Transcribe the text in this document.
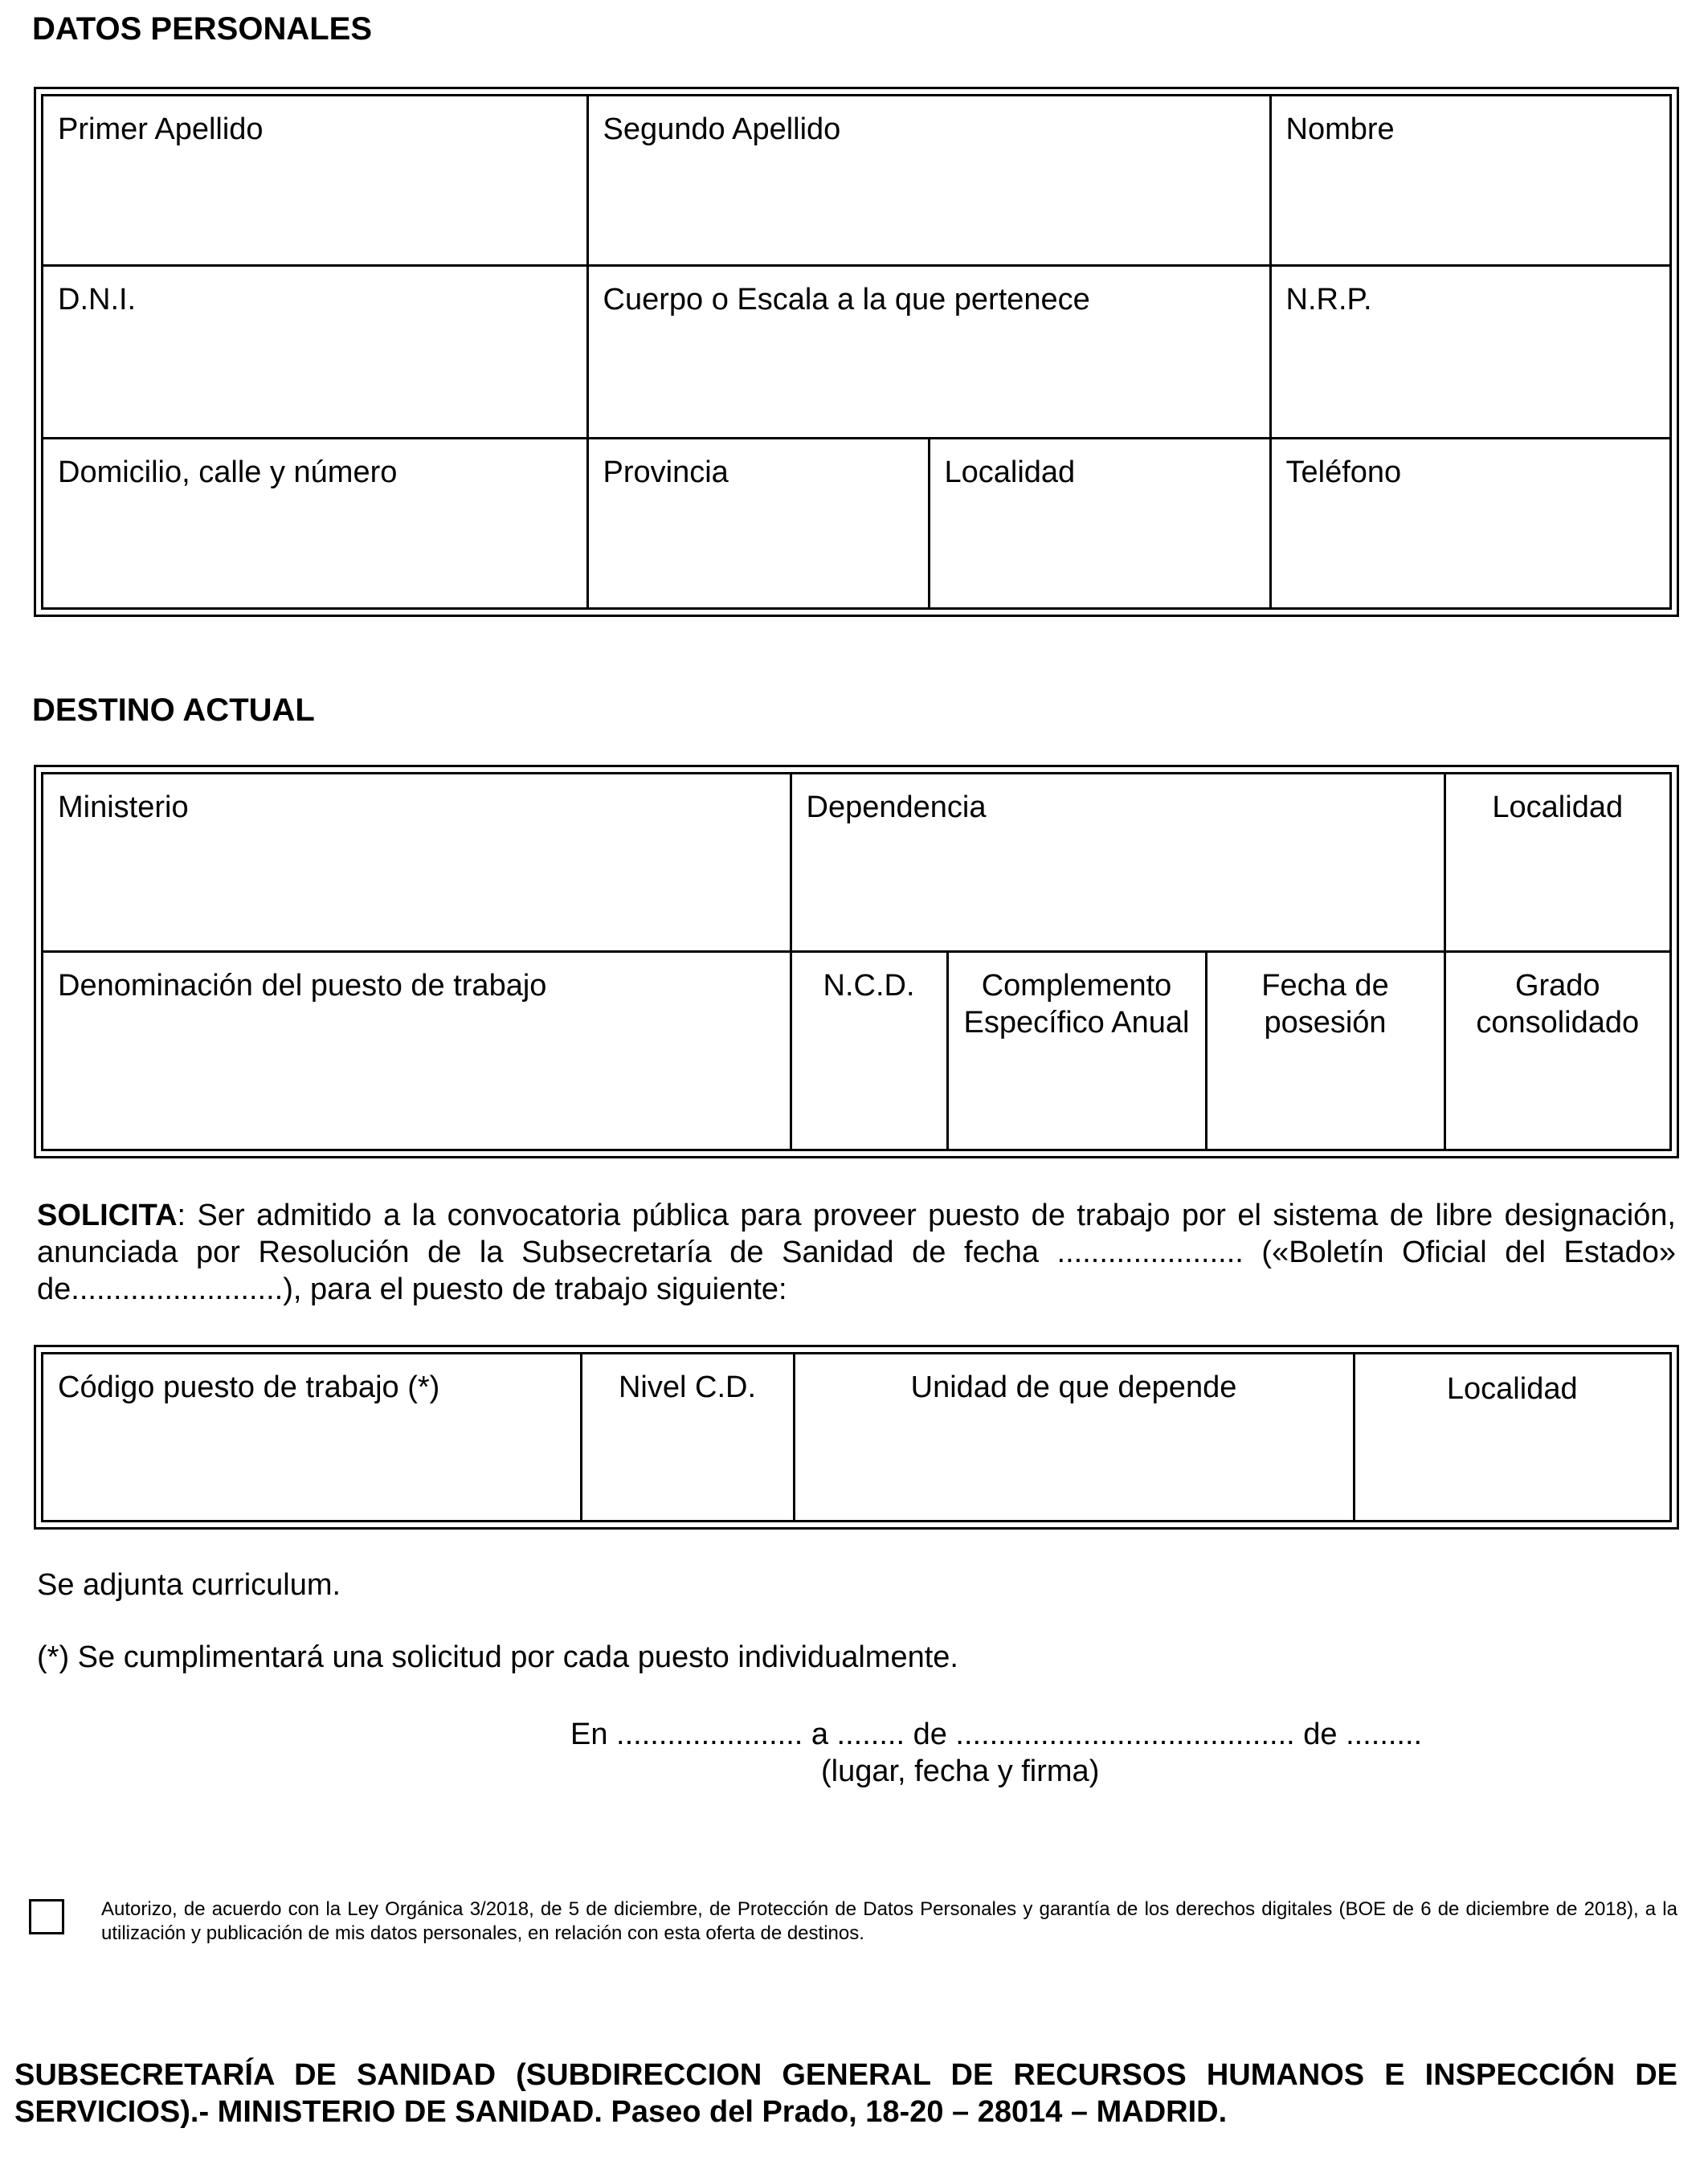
DATOS PERSONALES
Primer Apellido	Segundo Apellido		Nombre
D.N.I.	Cuerpo o Escala a la que pertenece		N.R.P.
Domicilio, calle y número	Provincia	Localidad	Teléfono
DESTINO ACTUAL
Ministerio	Dependencia			Localidad
Denominación del puesto de trabajo	N.C.D.	Complemento Específico Anual	Fecha de posesión	Grado consolidado
SOLICITA: Ser admitido a la convocatoria pública para proveer puesto de trabajo por el sistema de libre designación, anunciada por Resolución de la Subsecretaría de Sanidad de fecha ...................... («Boletín Oficial del Estado» de.........................), para el puesto de trabajo siguiente:
Código puesto de trabajo (*)	Nivel C.D.	Unidad de que depende	Localidad
Se adjunta curriculum.
(*) Se cumplimentará una solicitud por cada puesto individualmente.
En ...................... a ........ de ........................................ de .........
(lugar, fecha y firma)
Autorizo, de acuerdo con la Ley Orgánica 3/2018, de 5 de diciembre, de Protección de Datos Personales y garantía de los derechos digitales (BOE de 6 de diciembre de 2018), a la utilización y publicación de mis datos personales, en relación con esta oferta de destinos.
SUBSECRETARÍA DE SANIDAD (SUBDIRECCION GENERAL DE RECURSOS HUMANOS E INSPECCIÓN DE SERVICIOS).- MINISTERIO DE SANIDAD. Paseo del Prado, 18-20 – 28014 – MADRID.
